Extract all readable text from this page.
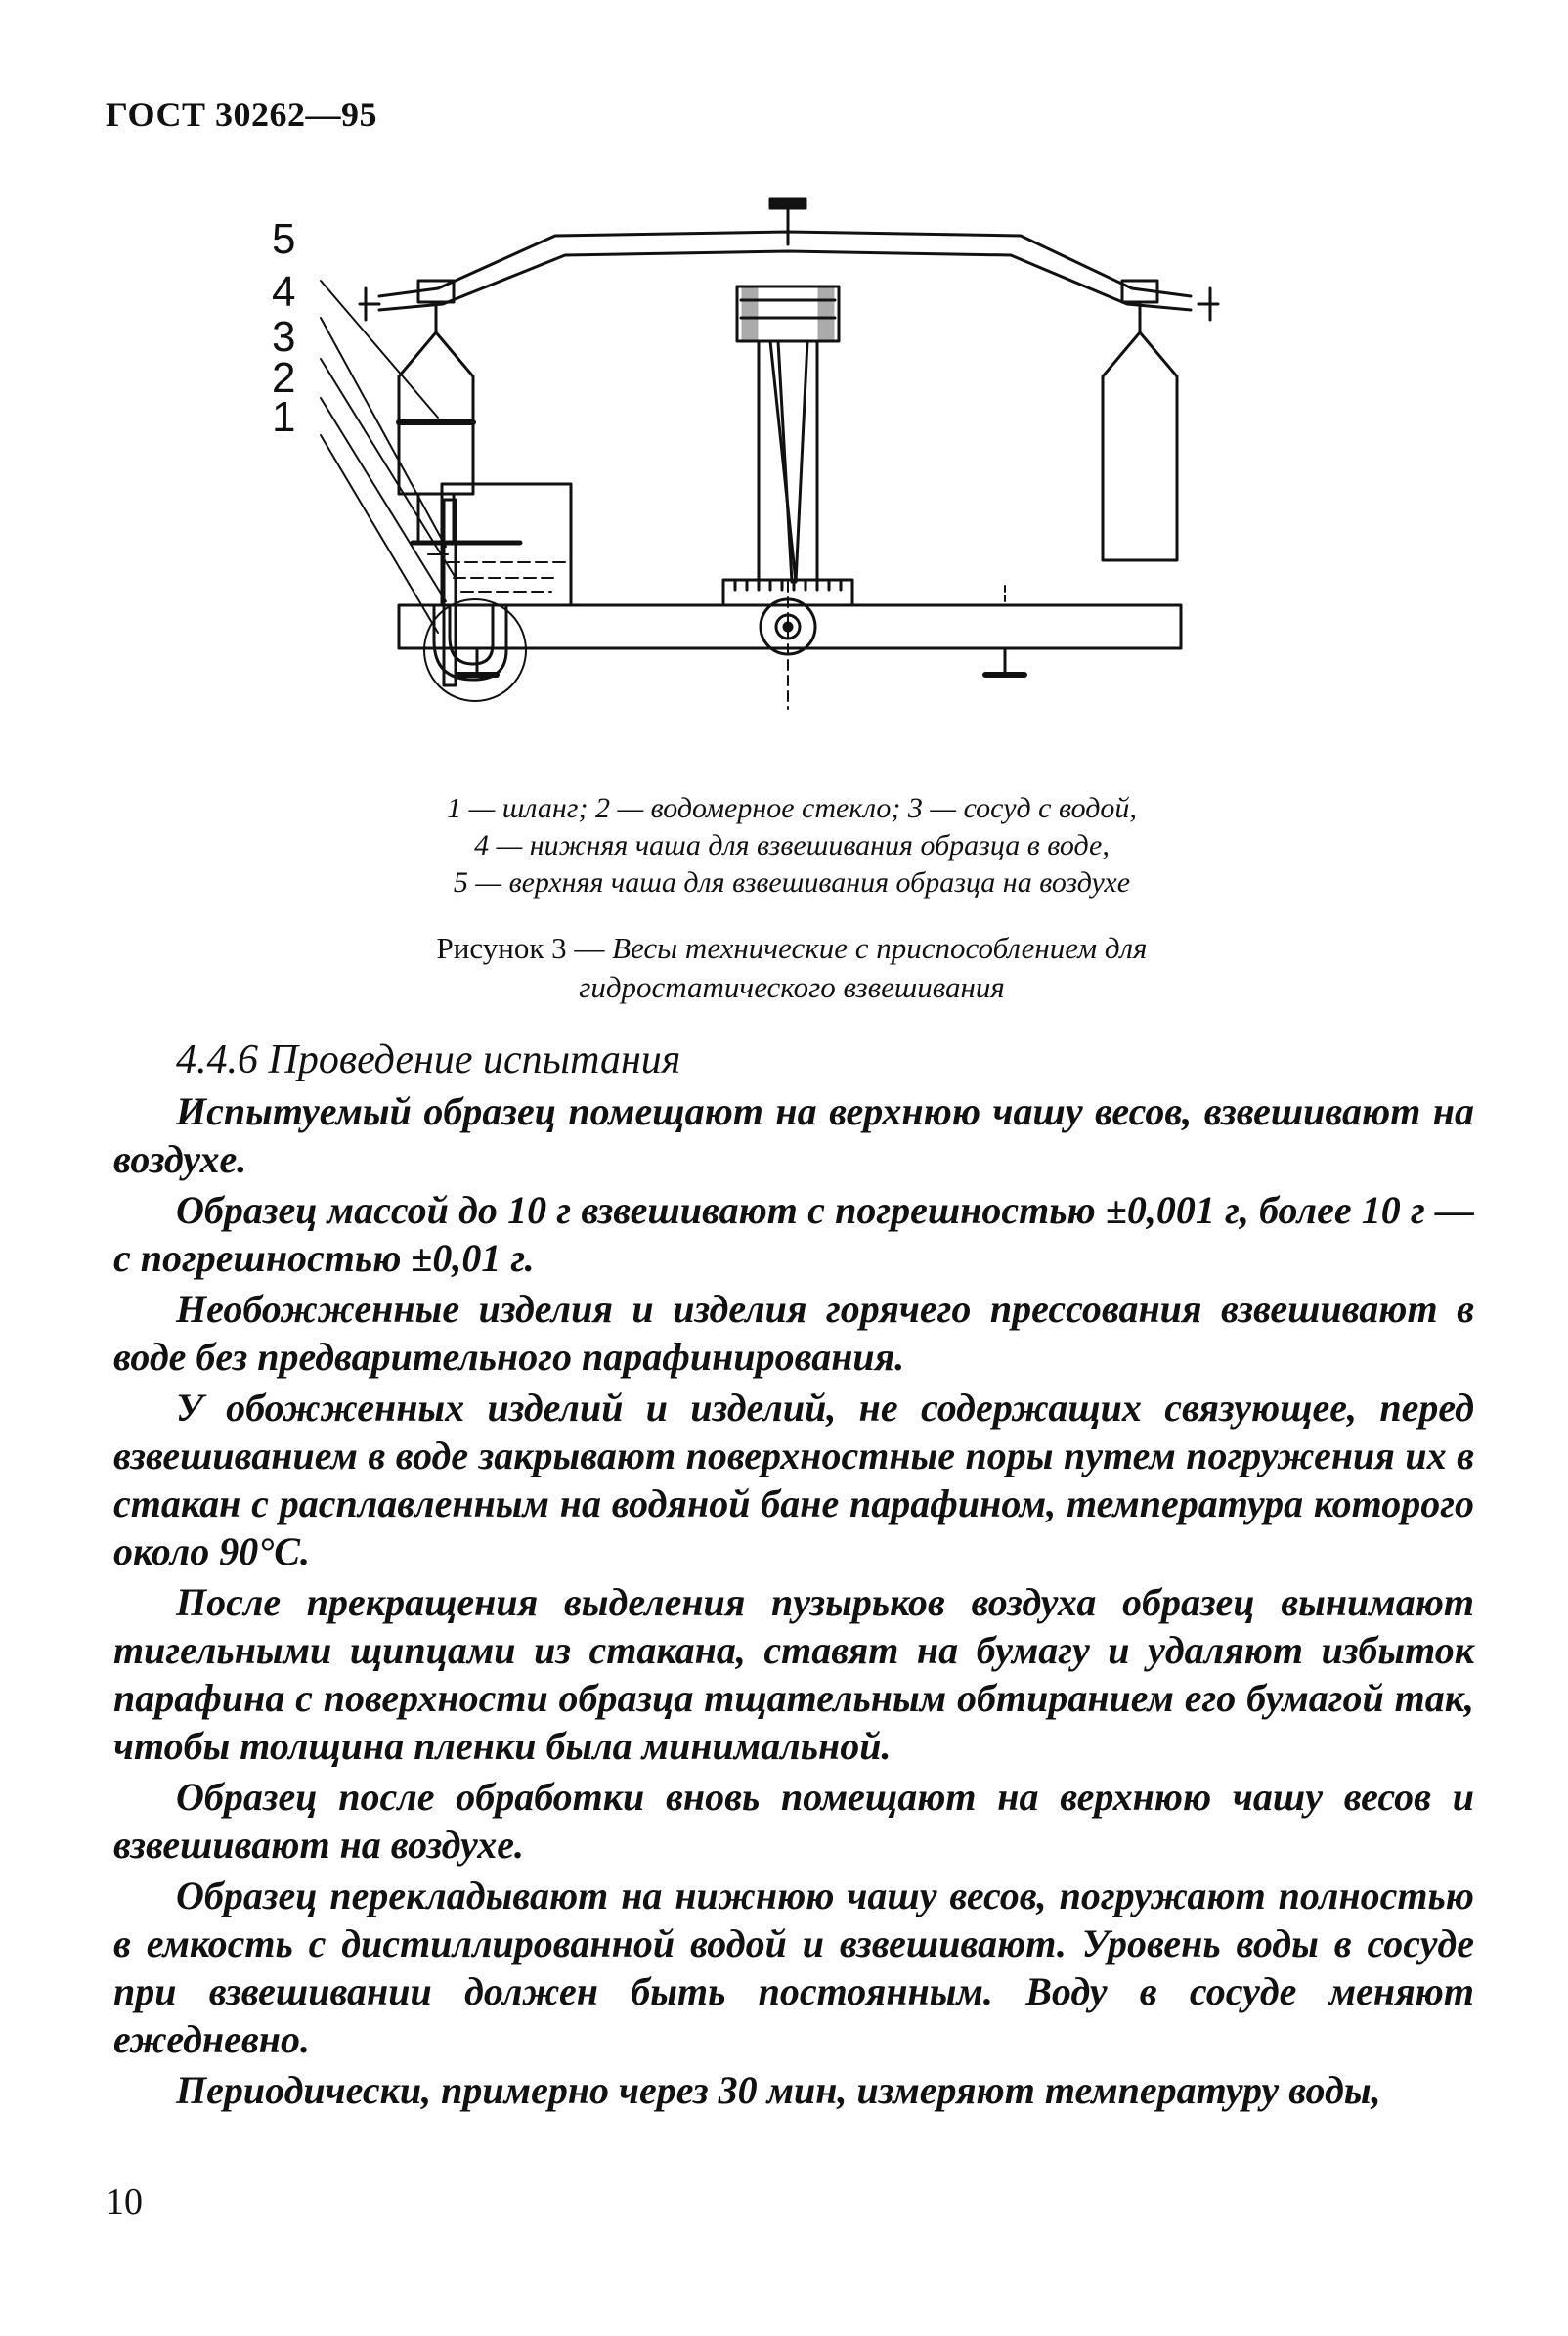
ГОСТ 30262—95
5
4
3
2
1
1 — шланг; 2 — водомерное стекло; 3 — сосуд с водой,
4 — нижняя чаша для взвешивания образца в воде,
5 — верхняя чаша для взвешивания образца на воздухе
Рисунок 3 — Весы технические с приспособлением для
гидростатического взвешивания
4.4.6 Проведение испытания

Испытуемый образец помещают на верхнюю чашу весов, взвешивают на воздухе.

Образец массой до 10 г взвешивают с погрешностью ±0,001 г, более 10 г — с погрешностью ±0,01 г.

Необожженные изделия и изделия горячего прессования взвешивают в воде без предварительного парафинирования.

У обожженных изделий и изделий, не содержащих связующее, перед взвешиванием в воде закрывают поверхностные поры путем погружения их в стакан с расплавленным на водяной бане парафином, температура которого около 90°С.

После прекращения выделения пузырьков воздуха образец вынимают тигельными щипцами из стакана, ставят на бумагу и удаляют избыток парафина с поверхности образца тщательным обтиранием его бумагой так, чтобы толщина пленки была минимальной.

Образец после обработки вновь помещают на верхнюю чашу весов и взвешивают на воздухе.

Образец перекладывают на нижнюю чашу весов, погружают полностью в емкость с дистиллированной водой и взвешивают. Уровень воды в сосуде при взвешивании должен быть постоянным. Воду в сосуде меняют ежедневно.

Периодически, примерно через 30 мин, измеряют температуру воды,

10
